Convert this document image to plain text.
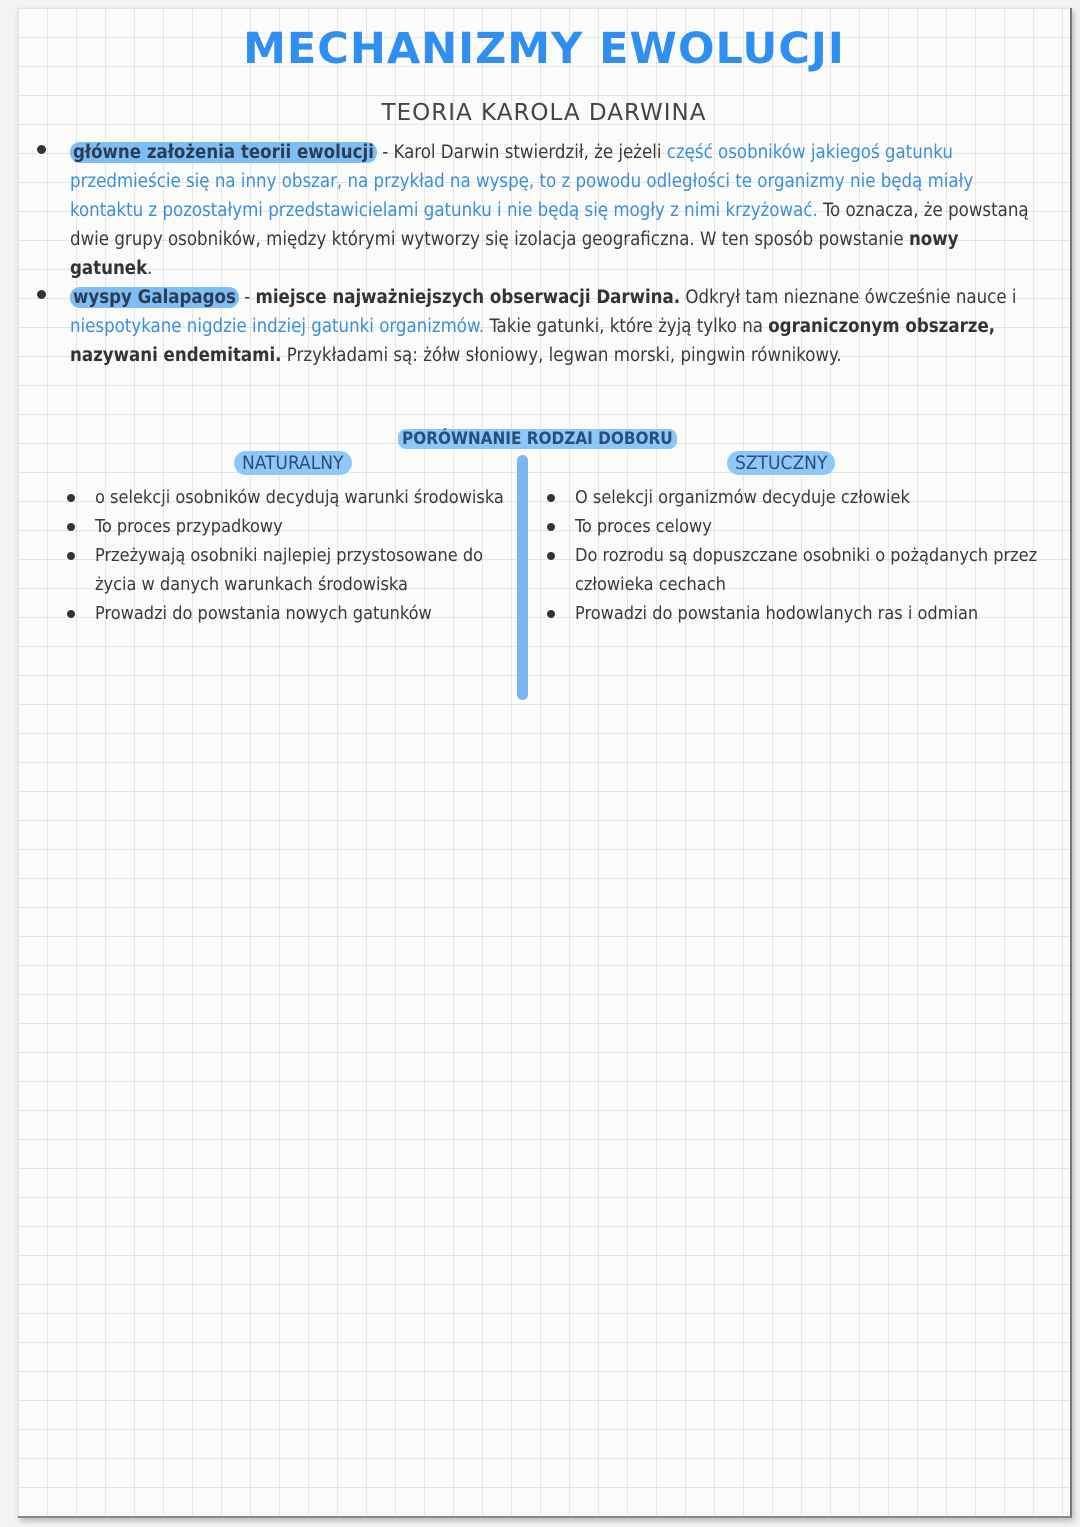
MECHANIZMY EWOLUCJI
TEORIA KAROLA DARWINA
główne założenia teorii ewolucji - Karol Darwin stwierdził, że jeżeli część osobników jakiegoś gatunku przedmieście się na inny obszar, na przykład na wyspę, to z powodu odległości te organizmy nie będą miały kontaktu z pozostałymi przedstawicielami gatunku i nie będą się mogły z nimi krzyżować. To oznacza, że powstaną dwie grupy osobników, między którymi wytworzy się izolacja geograficzna. W ten sposób powstanie nowy gatunek.
wyspy Galapagos - miejsce najważniejszych obserwacji Darwina. Odkrył tam nieznane ówcześnie nauce i niespotykane nigdzie indziej gatunki organizmów. Takie gatunki, które żyją tylko na ograniczonym obszarze, nazywani endemitami. Przykładami są: żółw słoniowy, legwan morski, pingwin równikowy.
PORÓWNANIE RODZAI DOBORU
NATURALNY	SZTUCZNY
o selekcji osobników decydują warunki środowiska
To proces przypadkowy
Przeżywają osobniki najlepiej przystosowane do życia w danych warunkach środowiska
Prowadzi do powstania nowych gatunków
O selekcji organizmów decyduje człowiek
To proces celowy
Do rozrodu są dopuszczane osobniki o pożądanych przez człowieka cechach
Prowadzi do powstania hodowlanych ras i odmian
